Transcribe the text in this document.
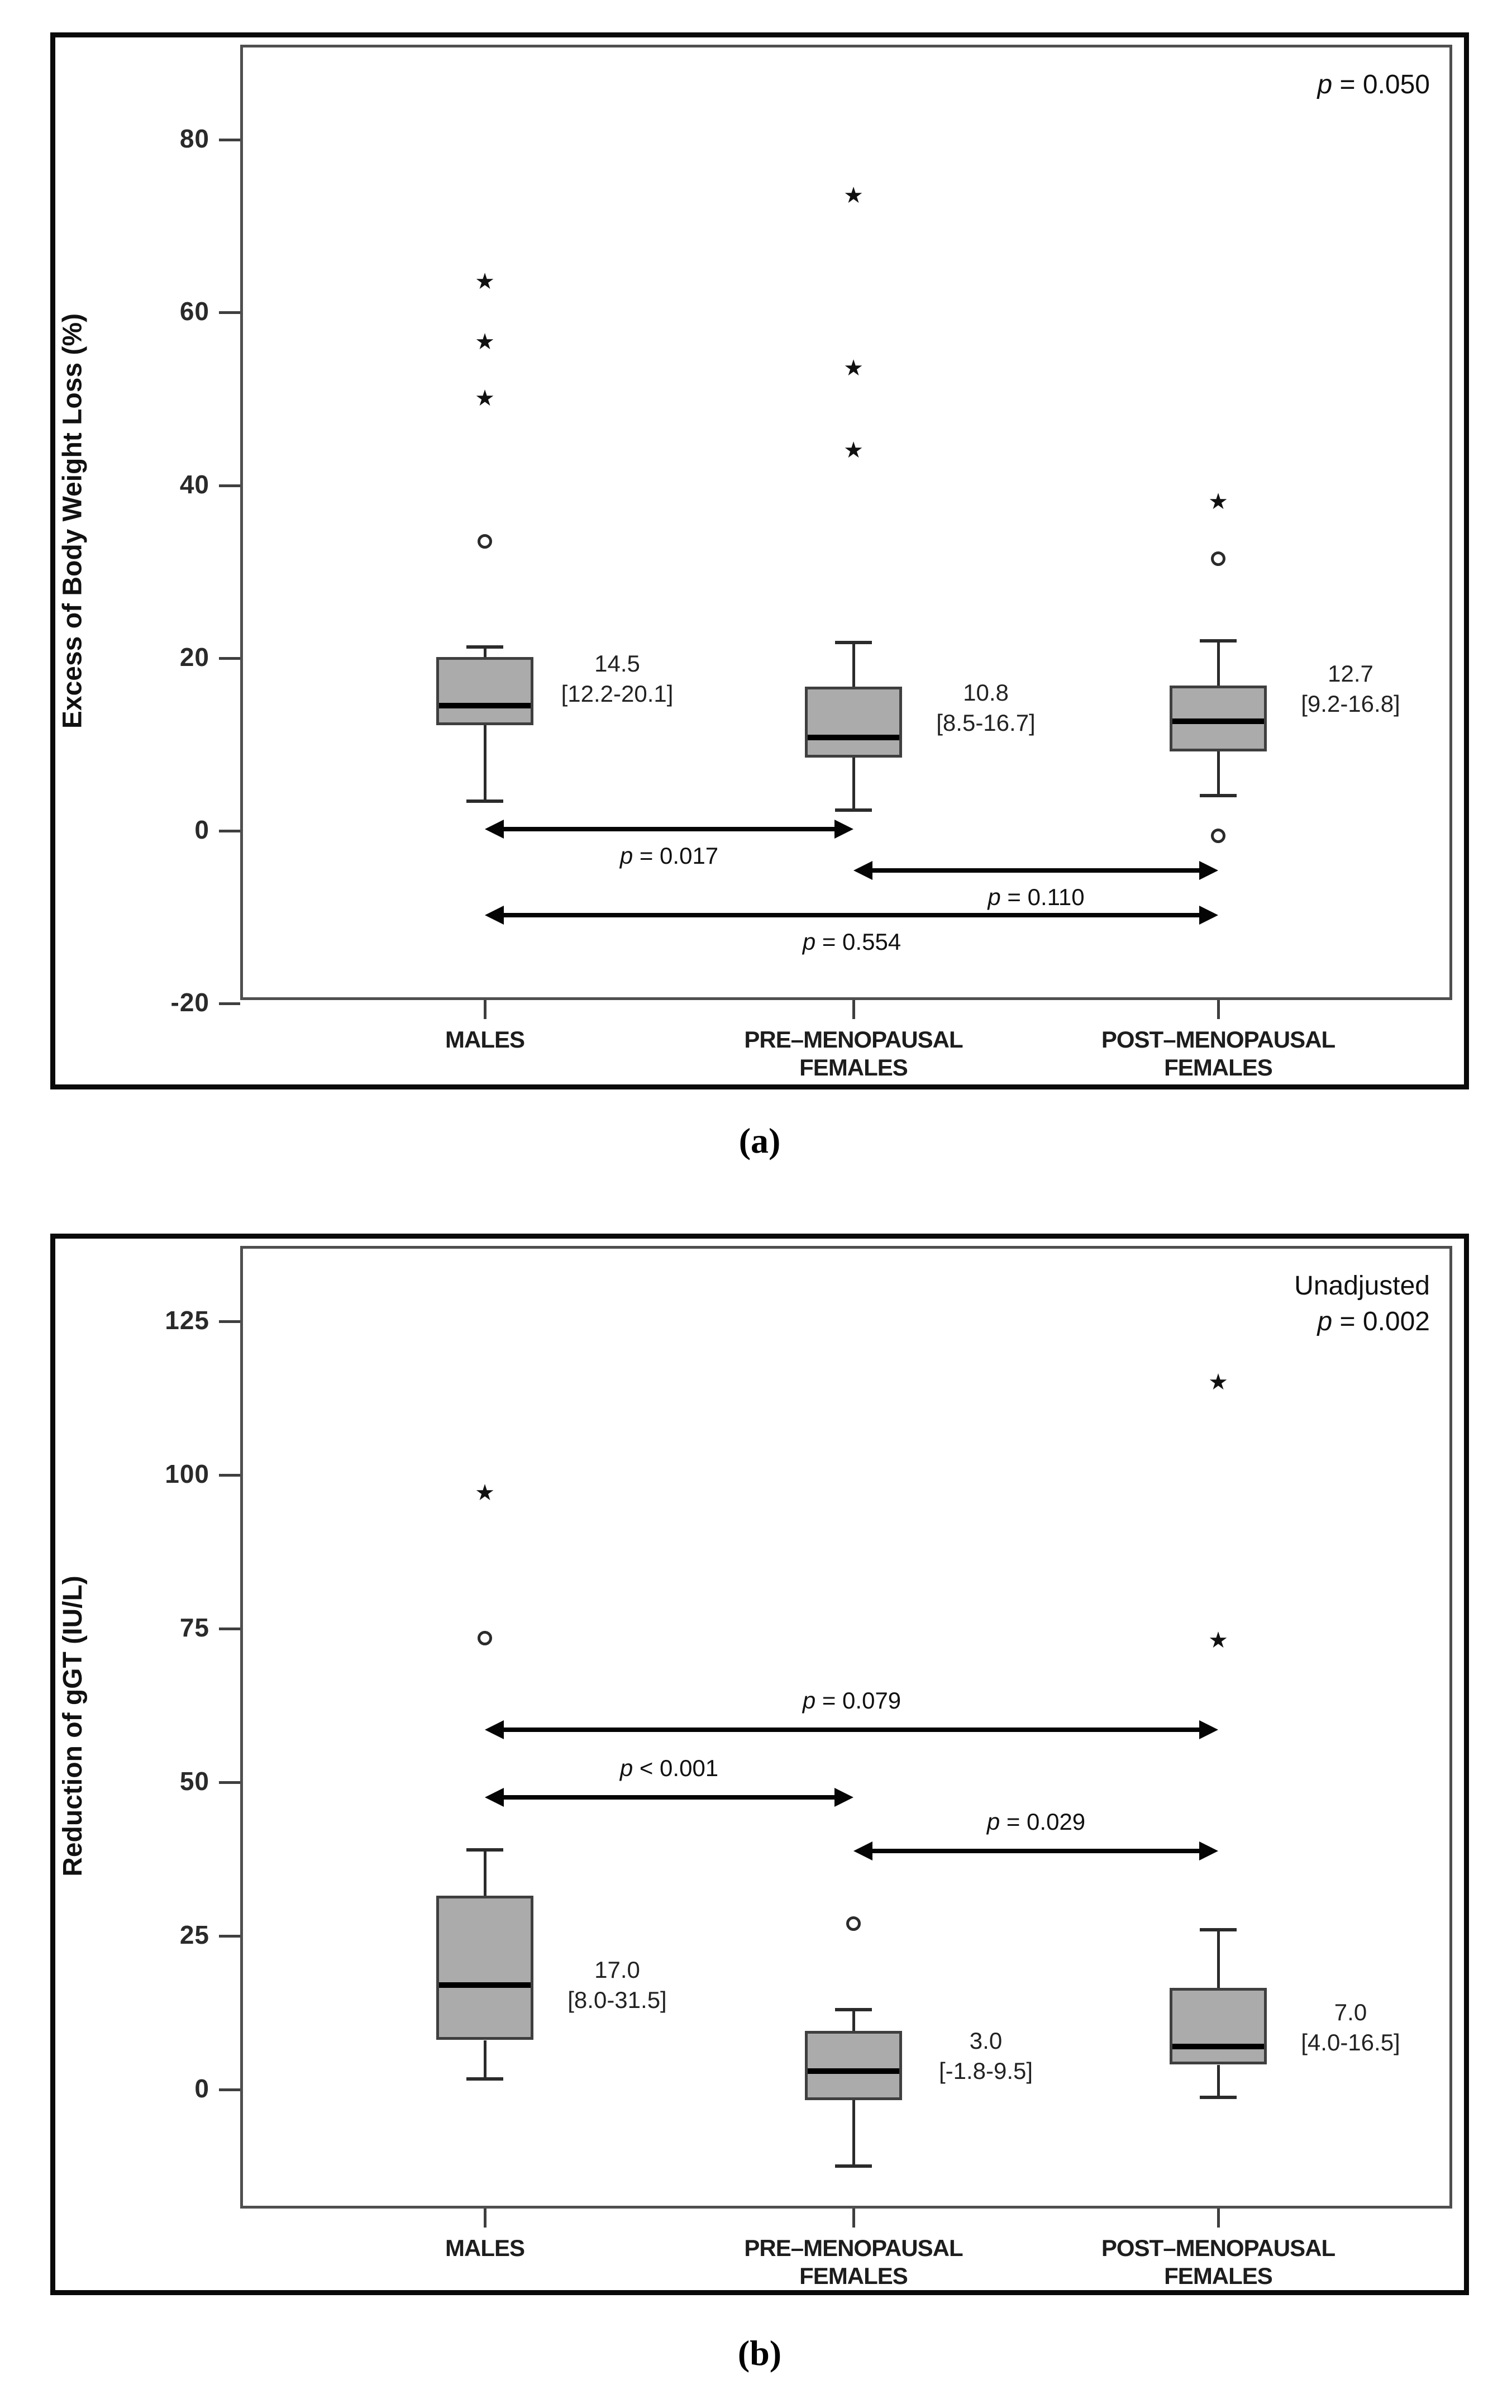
(a)
(b)
Excess of Body Weight Loss (%)
80
60
40
20
0
-20
MALES	PRE–MENOPAUSAL
FEMALES
POST–MENOPAUSAL
FEMALES
★
★
★
14.5
[12.2-20.1]
★
★
★
10.8
[8.5-16.7]
★
12.7
[9.2-16.8]
p = 0.017
p = 0.110
p = 0.554
p = 0.050
Reduction of gGT (IU/L)
125
100
75
50
25
0
MALES	PRE–MENOPAUSAL
FEMALES
POST–MENOPAUSAL
FEMALES
★
17.0
[8.0-31.5]
3.0
[-1.8-9.5]
★
★
7.0
[4.0-16.5]
p = 0.079
p < 0.001
p = 0.029
Unadjusted
p = 0.002
